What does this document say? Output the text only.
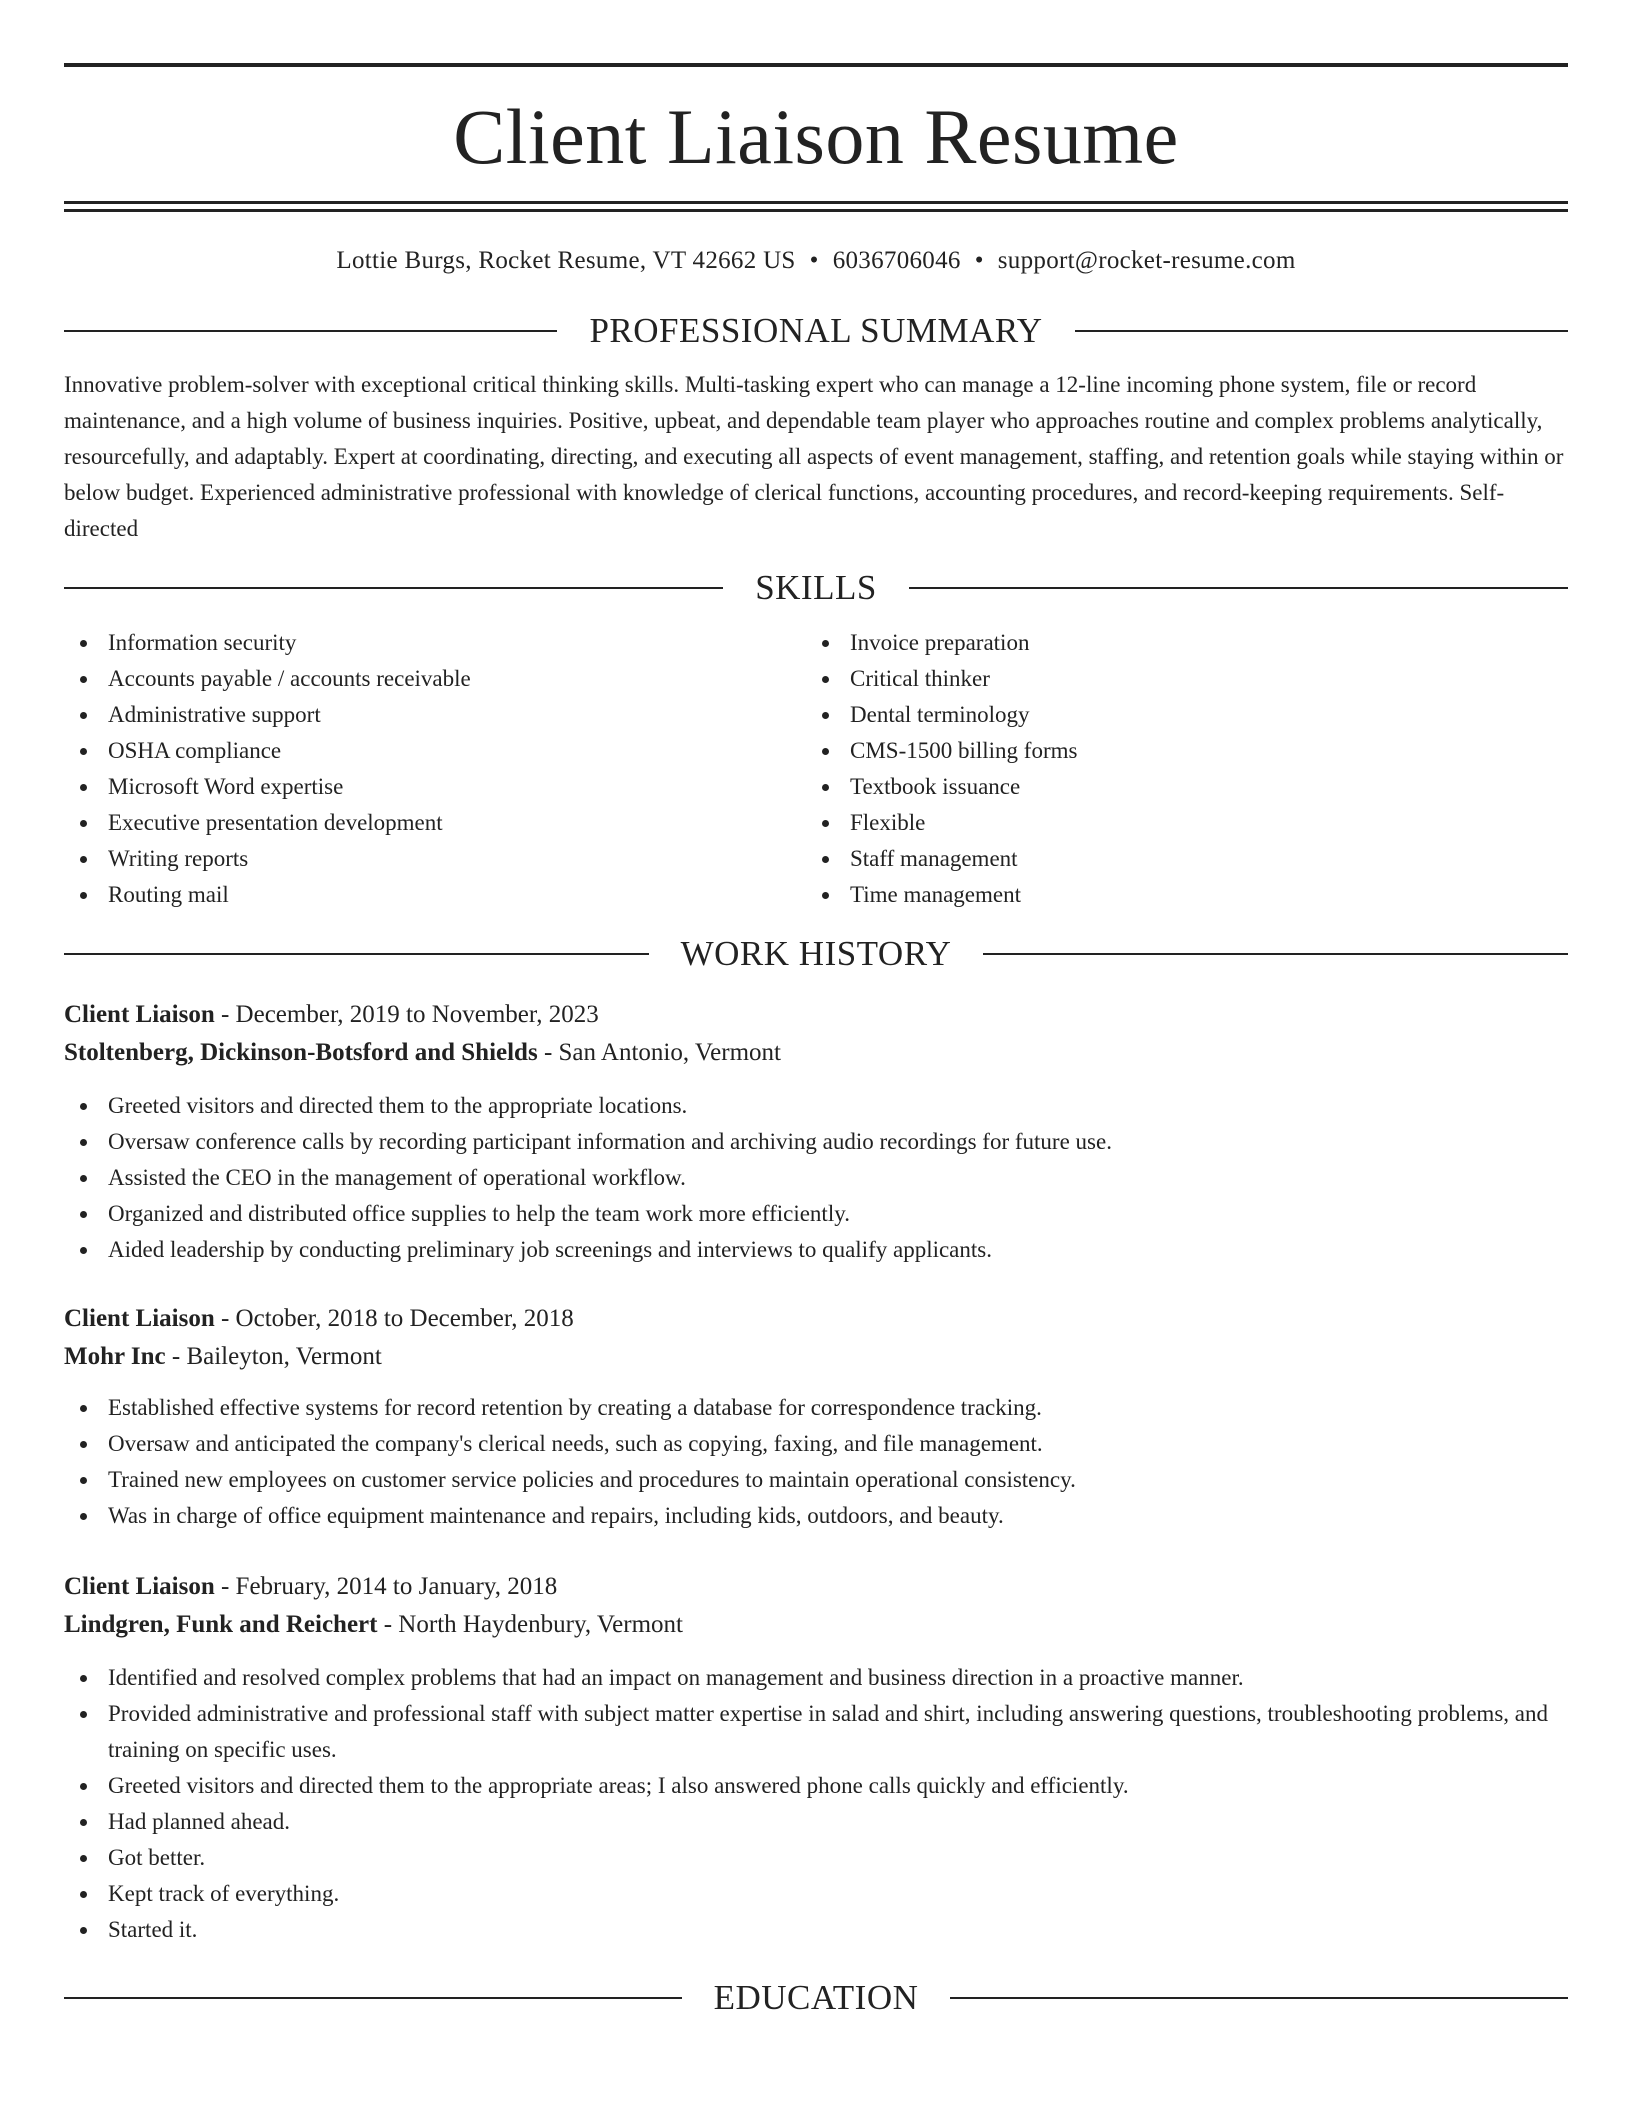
Client Liaison Resume
Lottie Burgs, Rocket Resume, VT 42662 US • 6036706046 • support@rocket-resume.com
PROFESSIONAL SUMMARY

Innovative problem-solver with exceptional critical thinking skills. Multi-tasking expert who can manage a 12-line incoming phone system, file or record maintenance, and a high volume of business inquiries. Positive, upbeat, and dependable team player who approaches routine and complex problems analytically, resourcefully, and adaptably. Expert at coordinating, directing, and executing all aspects of event management, staffing, and retention goals while staying within or below budget. Experienced administrative professional with knowledge of clerical functions, accounting procedures, and record-keeping requirements. Self-directed

SKILLS
Information security
Accounts payable / accounts receivable
Administrative support
OSHA compliance
Microsoft Word expertise
Executive presentation development
Writing reports
Routing mail
Invoice preparation
Critical thinker
Dental terminology
CMS-1500 billing forms
Textbook issuance
Flexible
Staff management
Time management
WORK HISTORY
Client Liaison - December, 2019 to November, 2023
Stoltenberg, Dickinson-Botsford and Shields - San Antonio, Vermont
Greeted visitors and directed them to the appropriate locations.
Oversaw conference calls by recording participant information and archiving audio recordings for future use.
Assisted the CEO in the management of operational workflow.
Organized and distributed office supplies to help the team work more efficiently.
Aided leadership by conducting preliminary job screenings and interviews to qualify applicants.
Client Liaison - October, 2018 to December, 2018
Mohr Inc - Baileyton, Vermont
Established effective systems for record retention by creating a database for correspondence tracking.
Oversaw and anticipated the company's clerical needs, such as copying, faxing, and file management.
Trained new employees on customer service policies and procedures to maintain operational consistency.
Was in charge of office equipment maintenance and repairs, including kids, outdoors, and beauty.
Client Liaison - February, 2014 to January, 2018
Lindgren, Funk and Reichert - North Haydenbury, Vermont
Identified and resolved complex problems that had an impact on management and business direction in a proactive manner.
Provided administrative and professional staff with subject matter expertise in salad and shirt, including answering questions, troubleshooting problems, and training on specific uses.
Greeted visitors and directed them to the appropriate areas; I also answered phone calls quickly and efficiently.
Had planned ahead.
Got better.
Kept track of everything.
Started it.
EDUCATION
